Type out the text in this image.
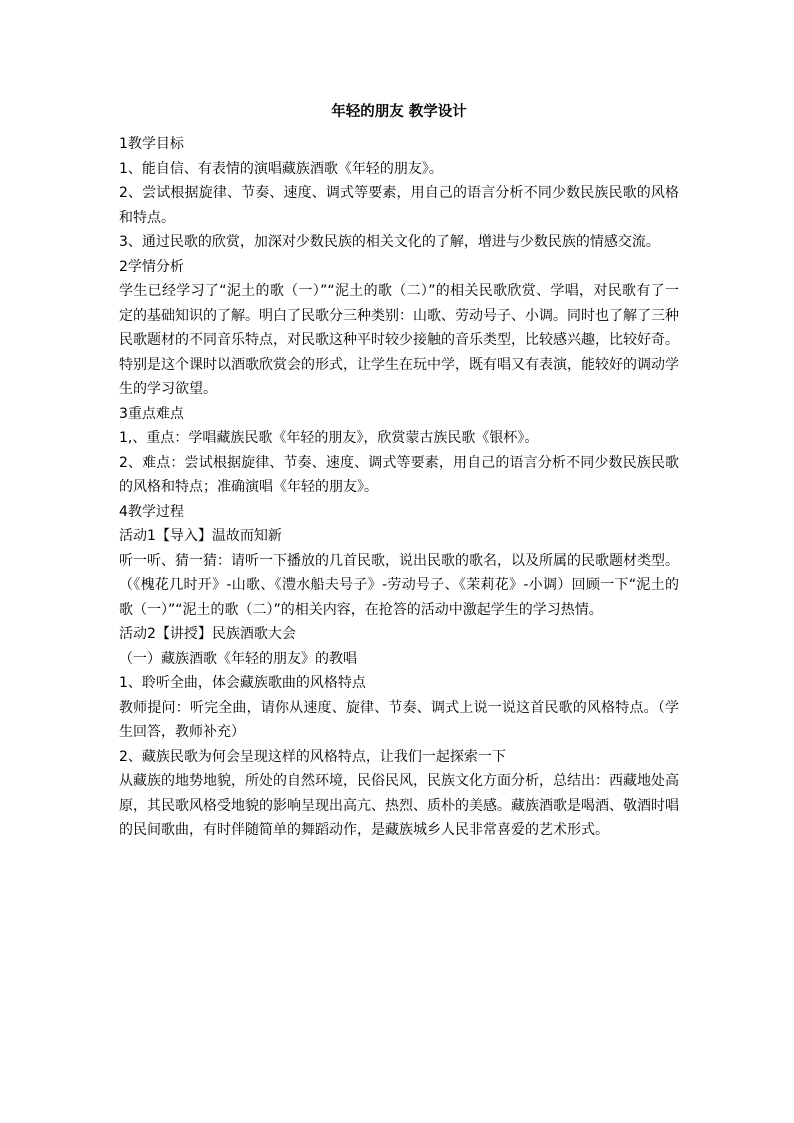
年轻的朋友 教学设计

1教学目标

1、能自信、有表情的演唱藏族酒歌《年轻的朋友》。

2、尝试根据旋律、节奏、速度、调式等要素，用自己的语言分析不同少数民族民歌的风格和特点。

3、通过民歌的欣赏，加深对少数民族的相关文化的了解，增进与少数民族的情感交流。

2学情分析

学生已经学习了“泥土的歌（一）”“泥土的歌（二）”的相关民歌欣赏、学唱，对民歌有了一定的基础知识的了解。明白了民歌分三种类别：山歌、劳动号子、小调。同时也了解了三种民歌题材的不同音乐特点，对民歌这种平时较少接触的音乐类型，比较感兴趣，比较好奇。特别是这个课时以酒歌欣赏会的形式，让学生在玩中学，既有唱又有表演，能较好的调动学生的学习欲望。

3重点难点

1,、重点：学唱藏族民歌《年轻的朋友》，欣赏蒙古族民歌《银杯》。

2、难点：尝试根据旋律、节奏、速度、调式等要素，用自己的语言分析不同少数民族民歌的风格和特点；准确演唱《年轻的朋友》。

4教学过程

活动1【导入】温故而知新

听一听、猜一猜：请听一下播放的几首民歌，说出民歌的歌名，以及所属的民歌题材类型。（《槐花几时开》-山歌、《澧水船夫号子》-劳动号子、《茉莉花》-小调）回顾一下“泥土的歌（一）”“泥土的歌（二）”的相关内容，在抢答的活动中激起学生的学习热情。

活动2【讲授】民族酒歌大会

（一）藏族酒歌《年轻的朋友》的教唱

1、聆听全曲，体会藏族歌曲的风格特点

教师提问：听完全曲，请你从速度、旋律、节奏、调式上说一说这首民歌的风格特点。（学生回答，教师补充）

2、藏族民歌为何会呈现这样的风格特点，让我们一起探索一下

从藏族的地势地貌，所处的自然环境，民俗民风，民族文化方面分析，总结出：西藏地处高原，其民歌风格受地貌的影响呈现出高亢、热烈、质朴的美感。藏族酒歌是喝酒、敬酒时唱的民间歌曲，有时伴随简单的舞蹈动作，是藏族城乡人民非常喜爱的艺术形式。
